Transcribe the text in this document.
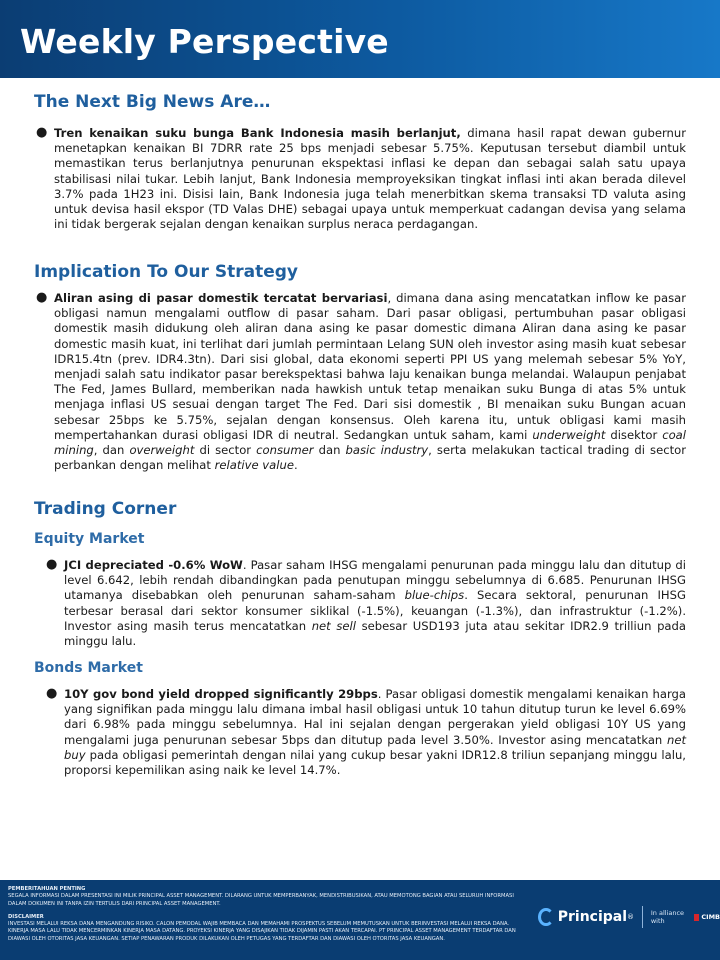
Weekly Perspective
The Next Big News Are…
● Tren kenaikan suku bunga Bank Indonesia masih berlanjut, dimana hasil rapat dewan gubernur menetapkan kenaikan BI 7DRR rate 25 bps menjadi sebesar 5.75%. Keputusan tersebut diambil untuk memastikan terus berlanjutnya penurunan ekspektasi inflasi ke depan dan sebagai salah satu upaya stabilisasi nilai tukar. Lebih lanjut, Bank Indonesia memproyeksikan tingkat inflasi inti akan berada dilevel 3.7% pada 1H23 ini. Disisi lain, Bank Indonesia juga telah menerbitkan skema transaksi TD valuta asing untuk devisa hasil ekspor (TD Valas DHE) sebagai upaya untuk memperkuat cadangan devisa yang selama ini tidak bergerak sejalan dengan kenaikan surplus neraca perdagangan.
Implication To Our Strategy
● Aliran asing di pasar domestik tercatat bervariasi, dimana dana asing mencatatkan inflow ke pasar obligasi namun mengalami outflow di pasar saham. Dari pasar obligasi, pertumbuhan pasar obligasi domestik masih didukung oleh aliran dana asing ke pasar domestic dimana Aliran dana asing ke pasar domestic masih kuat, ini terlihat dari jumlah permintaan Lelang SUN oleh investor asing masih kuat sebesar IDR15.4tn (prev. IDR4.3tn). Dari sisi global, data ekonomi seperti PPI US yang melemah sebesar 5% YoY, menjadi salah satu indikator pasar berekspektasi bahwa laju kenaikan bunga melandai. Walaupun penjabat The Fed, James Bullard, memberikan nada hawkish untuk tetap menaikan suku Bunga di atas 5% untuk menjaga inflasi US sesuai dengan target The Fed. Dari sisi domestik , BI menaikan suku Bungan acuan sebesar 25bps ke 5.75%, sejalan dengan konsensus. Oleh karena itu, untuk obligasi kami masih mempertahankan durasi obligasi IDR di neutral. Sedangkan untuk saham, kami underweight disektor coal mining, dan overweight di sector consumer dan basic industry, serta melakukan tactical trading di sector perbankan dengan melihat relative value.
Trading Corner
Equity Market
● JCI depreciated -0.6% WoW. Pasar saham IHSG mengalami penurunan pada minggu lalu dan ditutup di level 6.642, lebih rendah dibandingkan pada penutupan minggu sebelumnya di 6.685. Penurunan IHSG utamanya disebabkan oleh penurunan saham-saham blue-chips. Secara sektoral, penurunan IHSG terbesar berasal dari sektor konsumer siklikal (-1.5%), keuangan (-1.3%), dan infrastruktur (-1.2%). Investor asing masih terus mencatatkan net sell sebesar USD193 juta atau sekitar IDR2.9 trilliun pada minggu lalu.
Bonds Market
● 10Y gov bond yield dropped significantly 29bps. Pasar obligasi domestik mengalami kenaikan harga yang signifikan pada minggu lalu dimana imbal hasil obligasi untuk 10 tahun ditutup turun ke level 6.69% dari 6.98% pada minggu sebelumnya. Hal ini sejalan dengan pergerakan yield obligasi 10Y US yang mengalami juga penurunan sebesar 5bps dan ditutup pada level 3.50%. Investor asing mencatatkan net buy pada obligasi pemerintah dengan nilai yang cukup besar yakni IDR12.8 triliun sepanjang minggu lalu, proporsi kepemilikan asing naik ke level 14.7%.
PEMBERITAHUAN PENTING
SEGALA INFORMASI DALAM PRESENTASI INI MILIK PRINCIPAL ASSET MANAGEMENT. DILARANG UNTUK MEMPERBANYAK, MENDISTRIBUSIKAN, ATAU MEMOTONG BAGIAN ATAU SELURUH INFORMASI DALAM DOKUMEN INI TANPA IZIN TERTULIS DARI PRINCIPAL ASSET MANAGEMENT.
DISCLAIMER
INVESTASI MELALUI REKSA DANA MENGANDUNG RISIKO. CALON PEMODAL WAJIB MEMBACA DAN MEMAHAMI PROSPEKTUS SEBELUM MEMUTUSKAN UNTUK BERINVESTASI MELALUI REKSA DANA. KINERJA MASA LALU TIDAK MENCERMINKAN KINERJA MASA DATANG. PROYEKSI KINERJA YANG DISAJIKAN TIDAK DIJAMIN PASTI AKAN TERCAPAI. PT PRINCIPAL ASSET MANAGEMENT TERDAFTAR DAN DIAWASI OLEH OTORITAS JASA KEUANGAN. SETIAP PENAWARAN PRODUK DILAKUKAN OLEH PETUGAS YANG TERDAFTAR DAN DIAWASI OLEH OTORITAS JASA KEUANGAN.
Principal ®	In alliance with	CIMB
